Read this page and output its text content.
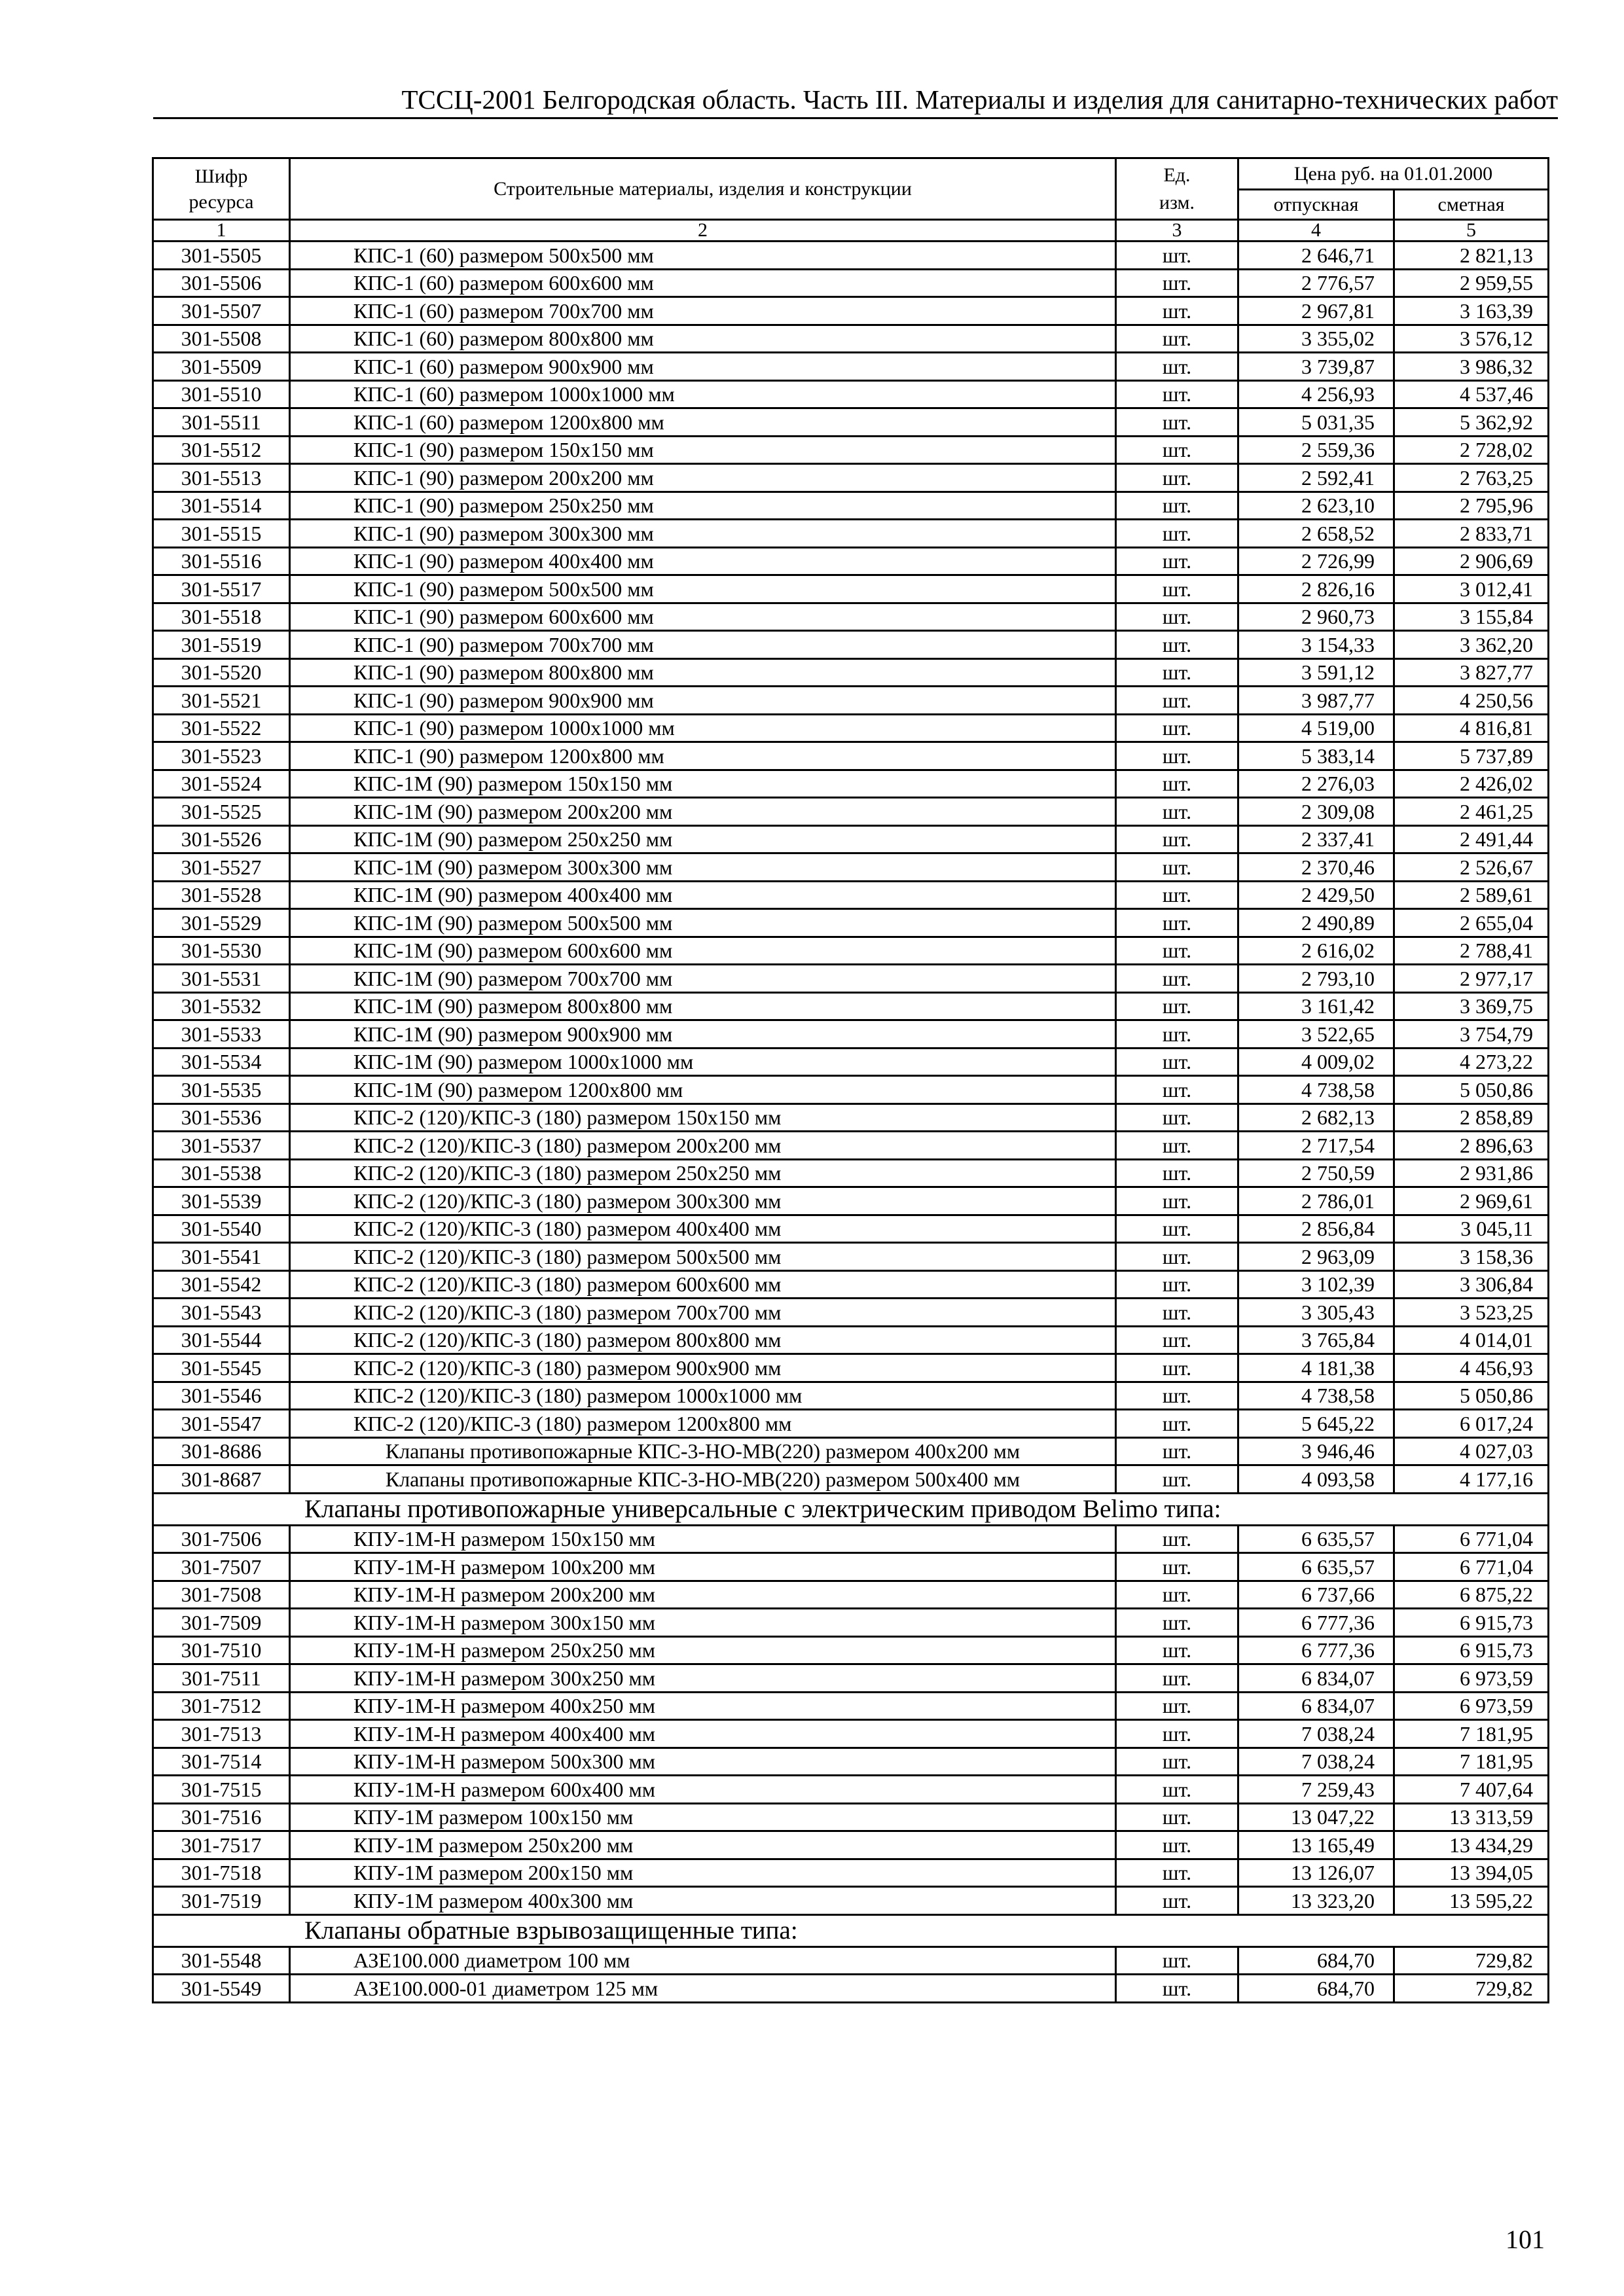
ТССЦ-2001 Белгородская область. Часть III. Материалы и изделия для санитарно-технических работ
Шифр ресурса	Строительные материалы, изделия и конструкции	Ед. изм.	Цена руб. на 01.01.2000	
			отпускная	сметная
1	2	3	4	5
301-5505	КПС-1 (60) размером 500x500 мм	шт.	2 646,71	2 821,13
301-5506	КПС-1 (60) размером 600x600 мм	шт.	2 776,57	2 959,55
301-5507	КПС-1 (60) размером 700x700 мм	шт.	2 967,81	3 163,39
301-5508	КПС-1 (60) размером 800x800 мм	шт.	3 355,02	3 576,12
301-5509	КПС-1 (60) размером 900x900 мм	шт.	3 739,87	3 986,32
301-5510	КПС-1 (60) размером 1000x1000 мм	шт.	4 256,93	4 537,46
301-5511	КПС-1 (60) размером 1200x800 мм	шт.	5 031,35	5 362,92
301-5512	КПС-1 (90) размером 150x150 мм	шт.	2 559,36	2 728,02
301-5513	КПС-1 (90) размером 200x200 мм	шт.	2 592,41	2 763,25
301-5514	КПС-1 (90) размером 250x250 мм	шт.	2 623,10	2 795,96
301-5515	КПС-1 (90) размером 300x300 мм	шт.	2 658,52	2 833,71
301-5516	КПС-1 (90) размером 400x400 мм	шт.	2 726,99	2 906,69
301-5517	КПС-1 (90) размером 500x500 мм	шт.	2 826,16	3 012,41
301-5518	КПС-1 (90) размером 600x600 мм	шт.	2 960,73	3 155,84
301-5519	КПС-1 (90) размером 700x700 мм	шт.	3 154,33	3 362,20
301-5520	КПС-1 (90) размером 800x800 мм	шт.	3 591,12	3 827,77
301-5521	КПС-1 (90) размером 900x900 мм	шт.	3 987,77	4 250,56
301-5522	КПС-1 (90) размером 1000x1000 мм	шт.	4 519,00	4 816,81
301-5523	КПС-1 (90) размером 1200x800 мм	шт.	5 383,14	5 737,89
301-5524	КПС-1М (90) размером 150x150 мм	шт.	2 276,03	2 426,02
301-5525	КПС-1М (90) размером 200x200 мм	шт.	2 309,08	2 461,25
301-5526	КПС-1М (90) размером 250x250 мм	шт.	2 337,41	2 491,44
301-5527	КПС-1М (90) размером 300x300 мм	шт.	2 370,46	2 526,67
301-5528	КПС-1М (90) размером 400x400 мм	шт.	2 429,50	2 589,61
301-5529	КПС-1М (90) размером 500x500 мм	шт.	2 490,89	2 655,04
301-5530	КПС-1М (90) размером 600x600 мм	шт.	2 616,02	2 788,41
301-5531	КПС-1М (90) размером 700x700 мм	шт.	2 793,10	2 977,17
301-5532	КПС-1М (90) размером 800x800 мм	шт.	3 161,42	3 369,75
301-5533	КПС-1М (90) размером 900x900 мм	шт.	3 522,65	3 754,79
301-5534	КПС-1М (90) размером 1000x1000 мм	шт.	4 009,02	4 273,22
301-5535	КПС-1М (90) размером 1200x800 мм	шт.	4 738,58	5 050,86
301-5536	КПС-2 (120)/КПС-3 (180) размером 150x150 мм	шт.	2 682,13	2 858,89
301-5537	КПС-2 (120)/КПС-3 (180) размером 200x200 мм	шт.	2 717,54	2 896,63
301-5538	КПС-2 (120)/КПС-3 (180) размером 250x250 мм	шт.	2 750,59	2 931,86
301-5539	КПС-2 (120)/КПС-3 (180) размером 300x300 мм	шт.	2 786,01	2 969,61
301-5540	КПС-2 (120)/КПС-3 (180) размером 400x400 мм	шт.	2 856,84	3 045,11
301-5541	КПС-2 (120)/КПС-3 (180) размером 500x500 мм	шт.	2 963,09	3 158,36
301-5542	КПС-2 (120)/КПС-3 (180) размером 600x600 мм	шт.	3 102,39	3 306,84
301-5543	КПС-2 (120)/КПС-3 (180) размером 700x700 мм	шт.	3 305,43	3 523,25
301-5544	КПС-2 (120)/КПС-3 (180) размером 800x800 мм	шт.	3 765,84	4 014,01
301-5545	КПС-2 (120)/КПС-3 (180) размером 900x900 мм	шт.	4 181,38	4 456,93
301-5546	КПС-2 (120)/КПС-3 (180) размером 1000x1000 мм	шт.	4 738,58	5 050,86
301-5547	КПС-2 (120)/КПС-3 (180) размером 1200x800 мм	шт.	5 645,22	6 017,24
301-8686	Клапаны противопожарные КПС-3-НО-МВ(220) размером 400x200 мм	шт.	3 946,46	4 027,03
301-8687	Клапаны противопожарные КПС-3-НО-МВ(220) размером 500x400 мм	шт.	4 093,58	4 177,16
Клапаны противопожарные универсальные с электрическим приводом Belimo типа:				
301-7506	КПУ-1М-Н размером 150x150 мм	шт.	6 635,57	6 771,04
301-7507	КПУ-1М-Н размером 100x200 мм	шт.	6 635,57	6 771,04
301-7508	КПУ-1М-Н размером 200x200 мм	шт.	6 737,66	6 875,22
301-7509	КПУ-1М-Н размером 300x150 мм	шт.	6 777,36	6 915,73
301-7510	КПУ-1М-Н размером 250x250 мм	шт.	6 777,36	6 915,73
301-7511	КПУ-1М-Н размером 300x250 мм	шт.	6 834,07	6 973,59
301-7512	КПУ-1М-Н размером 400x250 мм	шт.	6 834,07	6 973,59
301-7513	КПУ-1М-Н размером 400x400 мм	шт.	7 038,24	7 181,95
301-7514	КПУ-1М-Н размером 500x300 мм	шт.	7 038,24	7 181,95
301-7515	КПУ-1М-Н размером 600x400 мм	шт.	7 259,43	7 407,64
301-7516	КПУ-1М размером 100x150 мм	шт.	13 047,22	13 313,59
301-7517	КПУ-1М размером 250x200 мм	шт.	13 165,49	13 434,29
301-7518	КПУ-1М размером 200x150 мм	шт.	13 126,07	13 394,05
301-7519	КПУ-1М размером 400x300 мм	шт.	13 323,20	13 595,22
Клапаны обратные взрывозащищенные типа:				
301-5548	АЗЕ100.000 диаметром 100 мм	шт.	684,70	729,82
301-5549	АЗЕ100.000-01 диаметром 125 мм	шт.	684,70	729,82
101
